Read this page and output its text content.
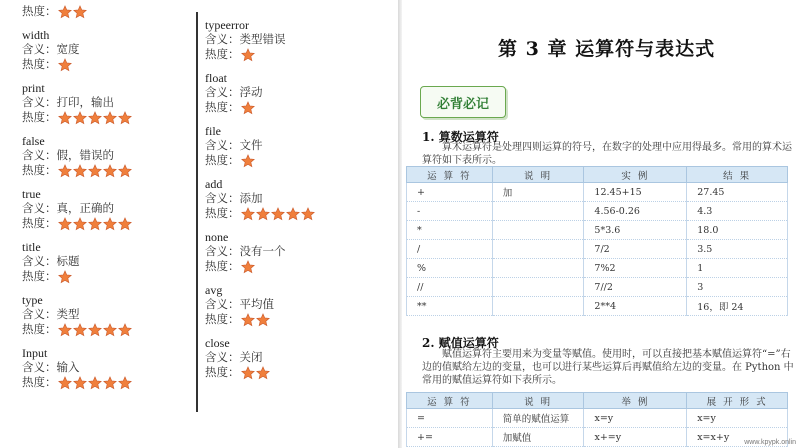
热度：
width
含义： 宽度
热度：
print
含义： 打印，输出
热度：
false
含义： 假，错误的
热度：
true
含义： 真，正确的
热度：
title
含义： 标题
热度：
type
含义： 类型
热度：
Input
含义： 输入
热度：
typeerror
含义： 类型错误
热度：
float
含义： 浮动
热度：
file
含义： 文件
热度：
add
含义： 添加
热度：
none
含义： 没有一个
热度：
avg
含义： 平均值
热度：
close
含义： 关闭
热度：
第 3 章 运算符与表达式
必背必记
1. 算数运算符
算术运算符是处理四则运算的符号，在数字的处理中应用得最多。常用的算术运算符如下表所示。
运 算 符	说 明	实 例	结 果
+	加	12.45+15	27.45
-		4.56-0.26	4.3
*		5*3.6	18.0
/		7/2	3.5
%		7%2	1
//		7//2	3
**		2**4	16，即 24
2. 赋值运算符
赋值运算符主要用来为变量等赋值。使用时，可以直接把基本赋值运算符“=”右边的值赋给左边的变量，也可以进行某些运算后再赋值给左边的变量。在 Python 中常用的赋值运算符如下表所示。
运 算 符	说 明	举 例	展 开 形 式
=	简单的赋值运算	x=y	x=y
+=	加赋值	x+=y	x=x+y www.kpypk.onlin
